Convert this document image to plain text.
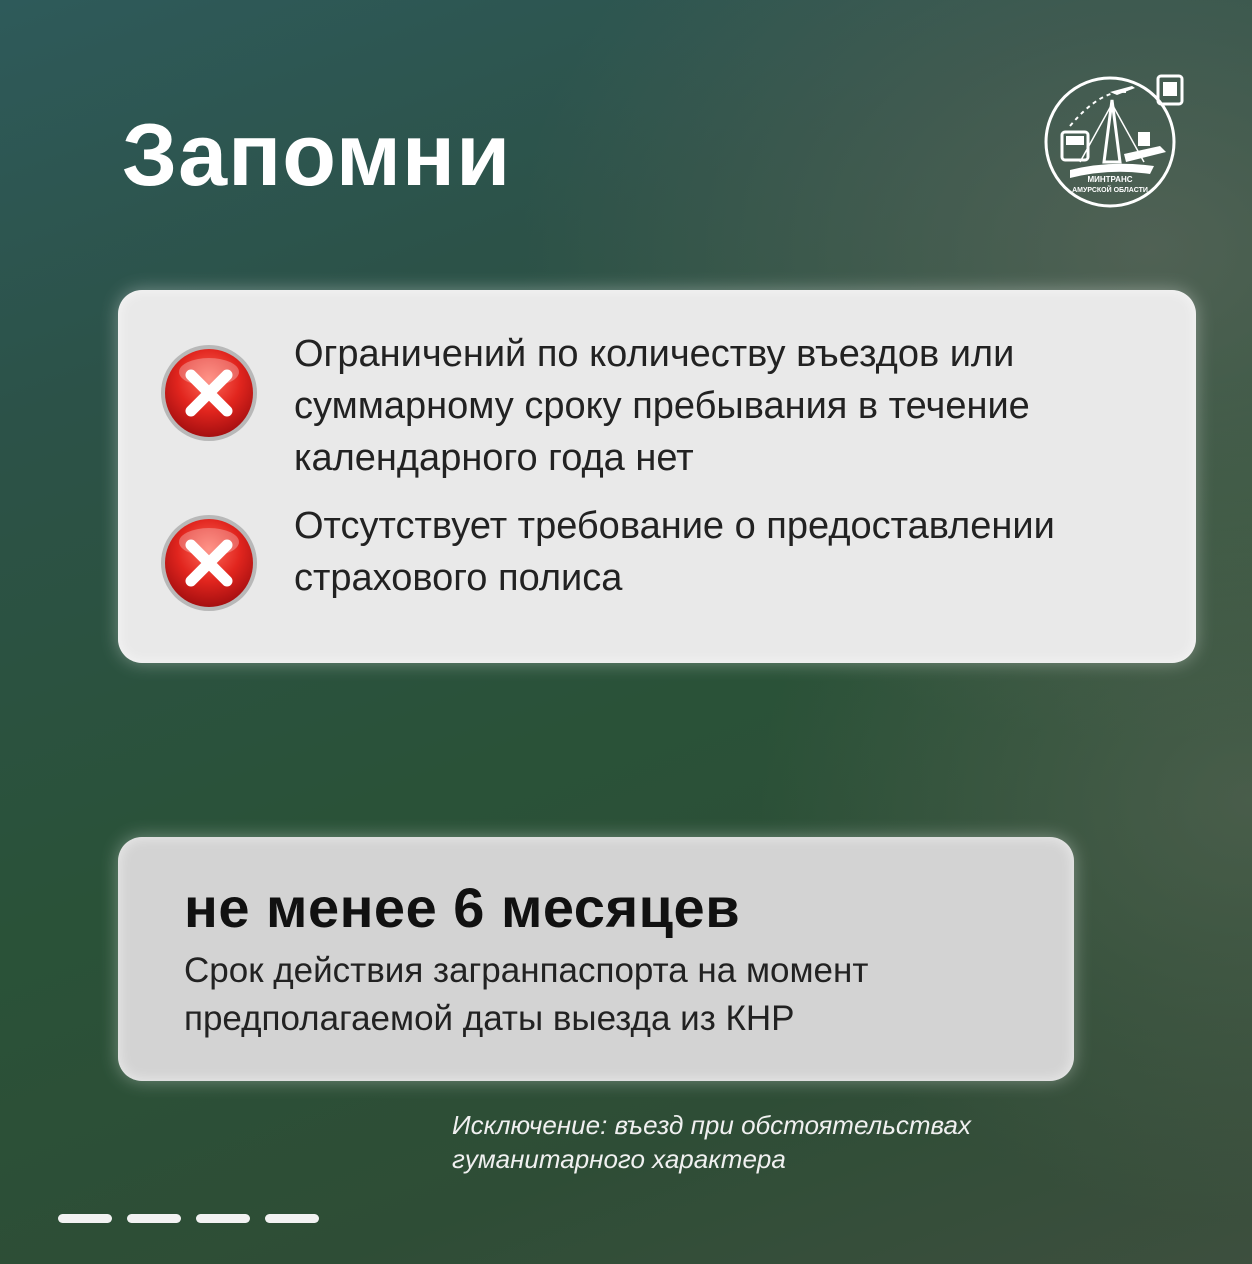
Запомни	МИНТРАНС
АМУРСКОЙ ОБЛАСТИ
Ограничений по количеству въездов или суммарному сроку пребывания в течение календарного года нет
Отсутствует требование о предоставлении страхового полиса
не менее 6 месяцев
Срок действия загранпаспорта на момент предполагаемой даты выезда из КНР
Исключение: въезд при обстоятельствах гуманитарного характера
